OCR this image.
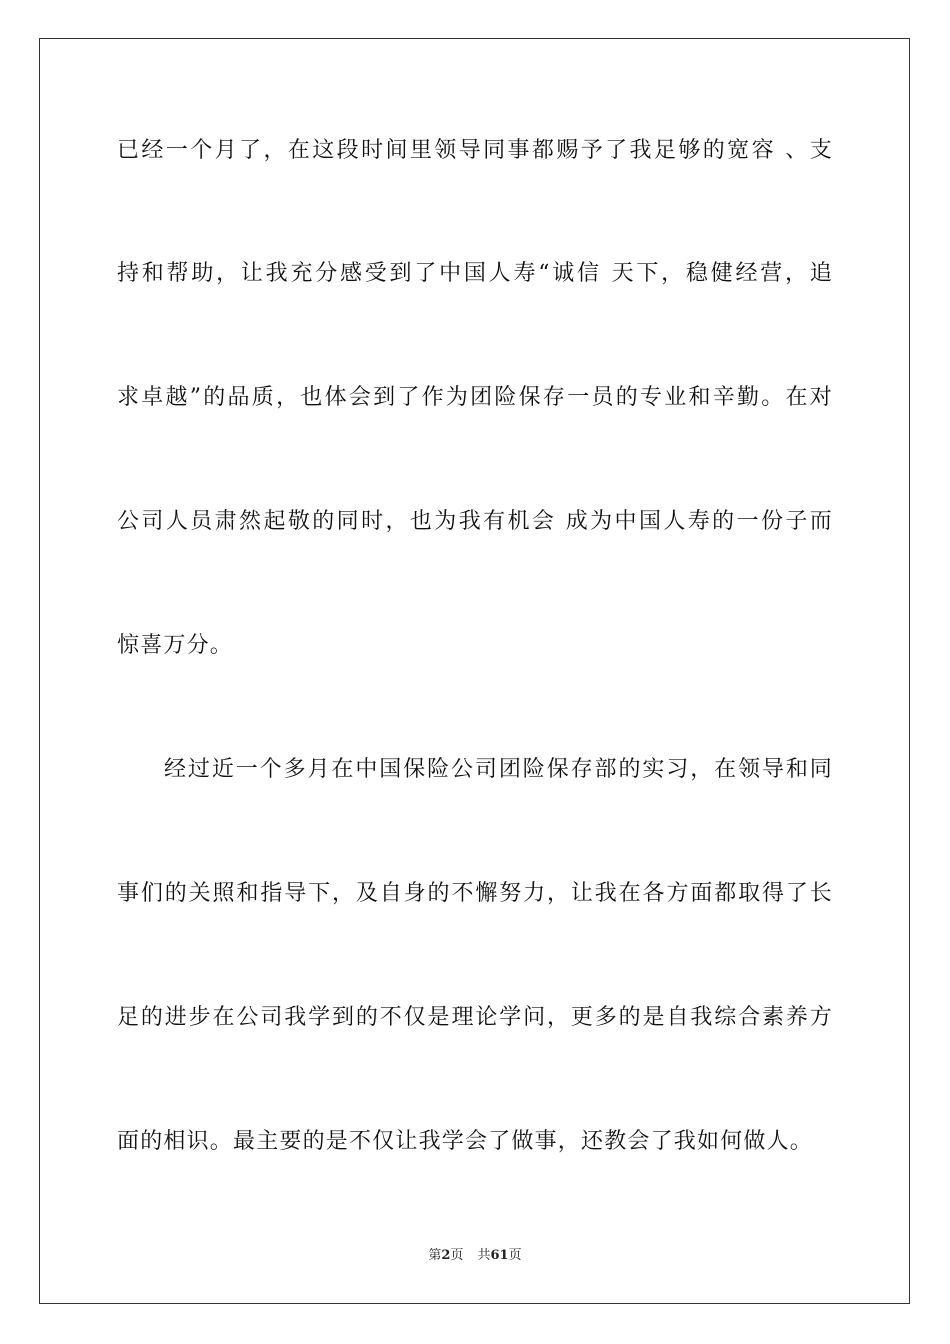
已经一个月了，在这段时间里领导同事都赐予了我足够的宽容 、支
持和帮助，让我充分感受到了中国人寿“诚信 天下，稳健经营，追
求卓越”的品质，也体会到了作为团险保存一员的专业和辛勤。在对
公司人员肃然起敬的同时，也为我有机会 成为中国人寿的一份子而
惊喜万分。
经过近一个多月在中国保险公司团险保存部的实习，在领导和同
事们的关照和指导下，及自身的不懈努力，让我在各方面都取得了长
足的进步在公司我学到的不仅是理论学问，更多的是自我综合素养方
面的相识。最主要的是不仅让我学会了做事，还教会了我如何做人。
第2页 共61页
